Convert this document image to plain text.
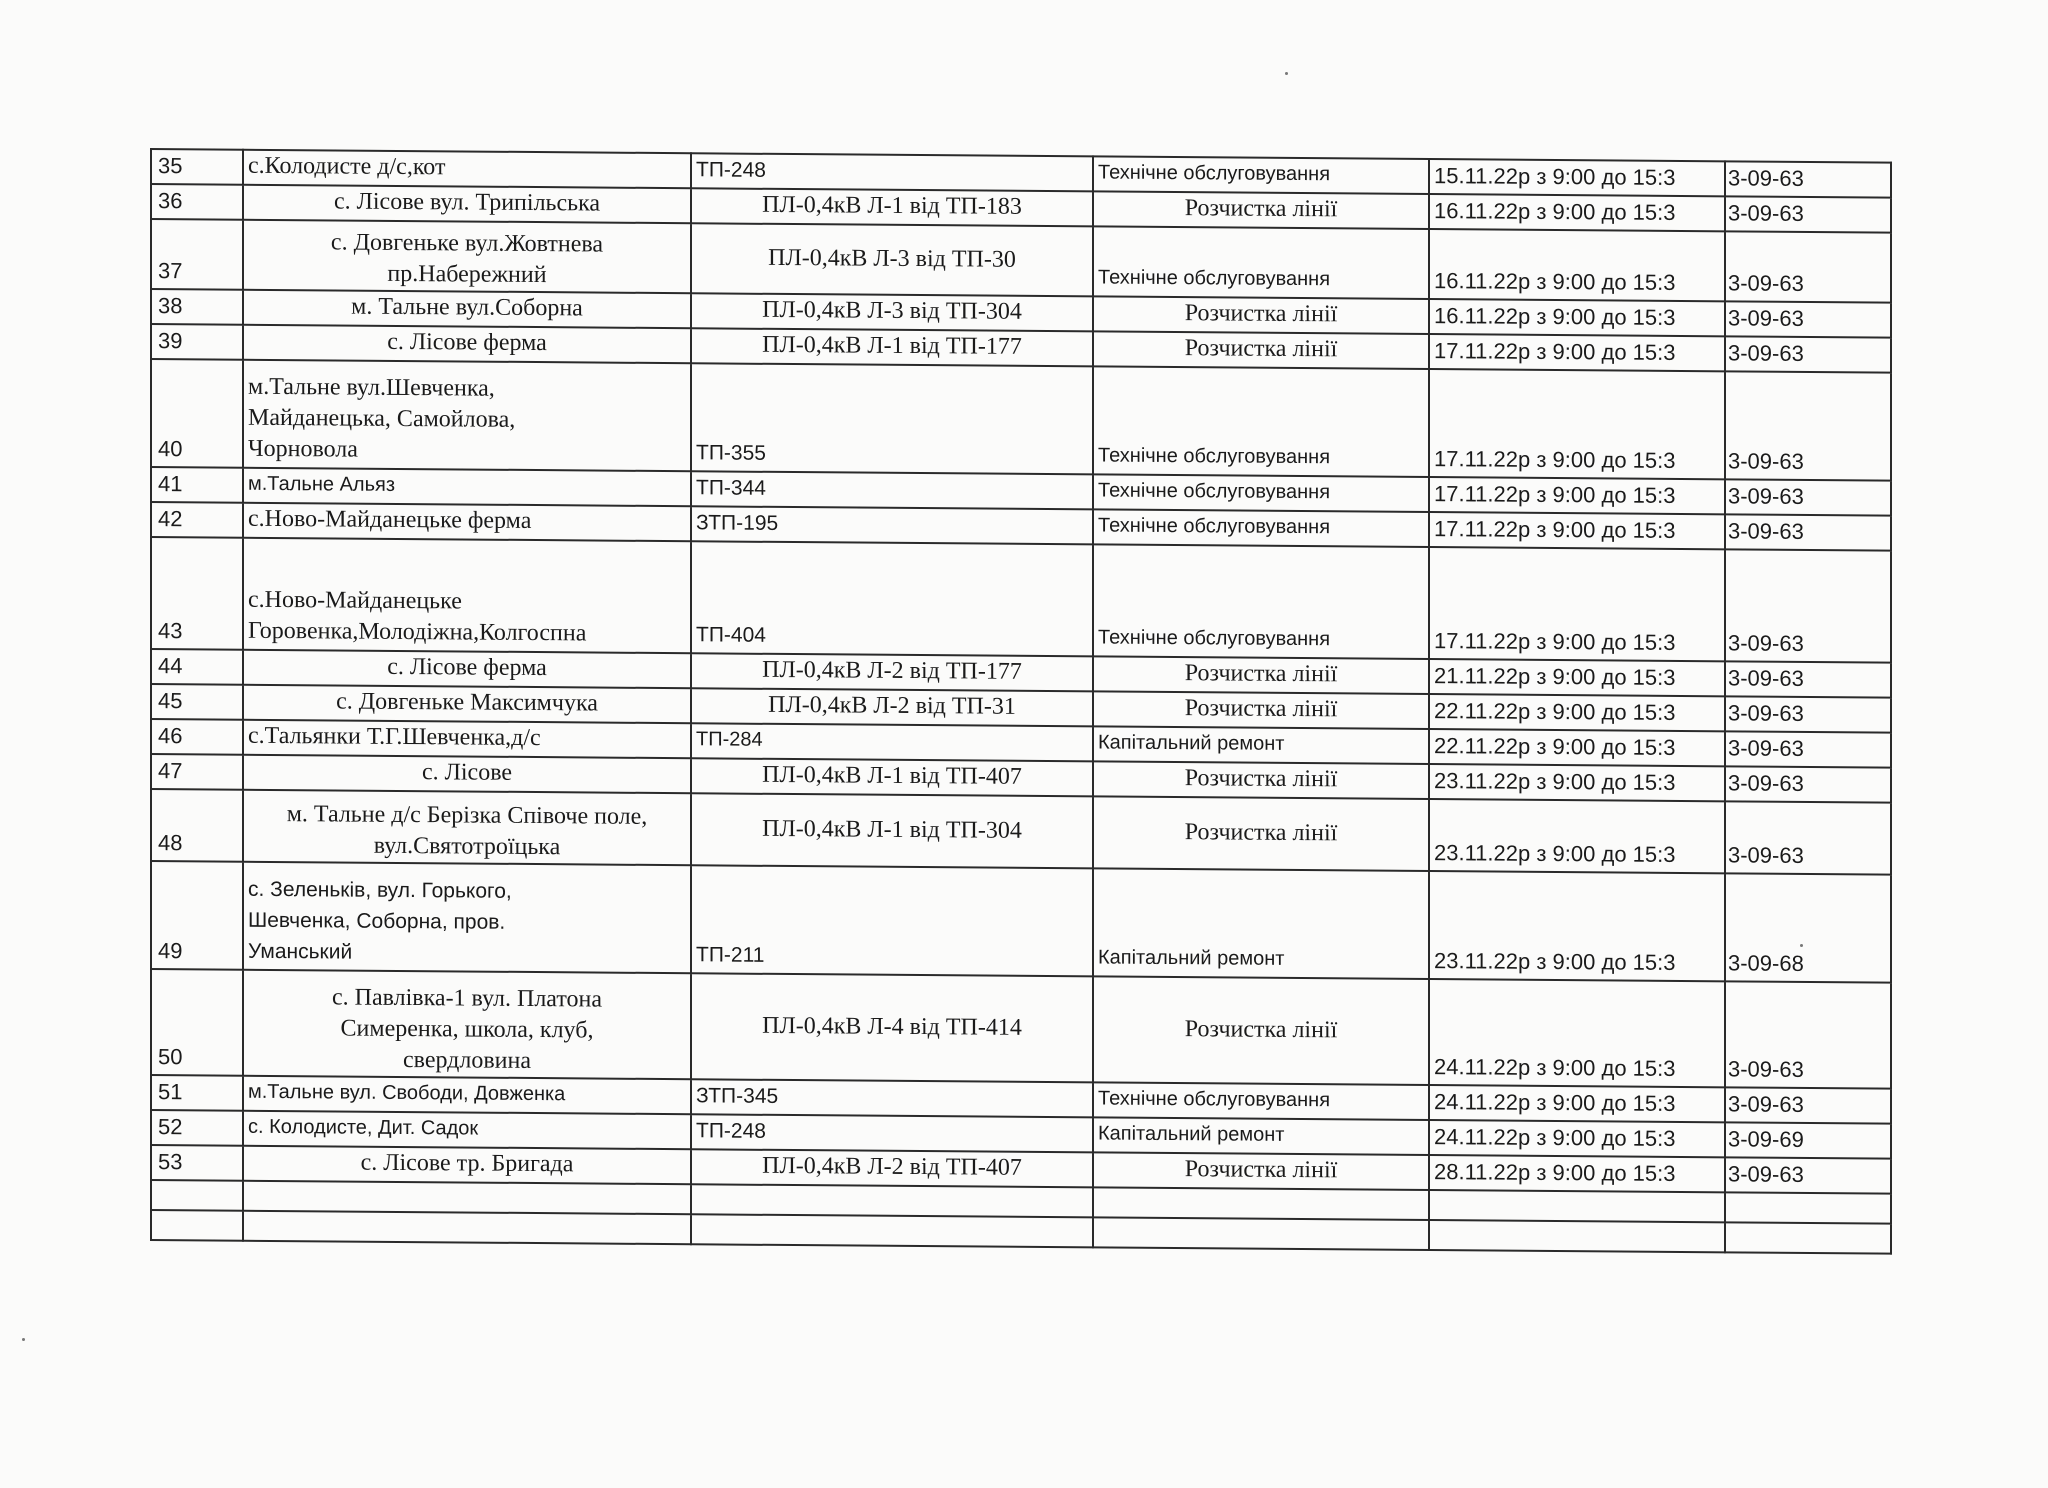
35	с.Колодисте д/с,кот	ТП-248	Технічне обслуговування	15.11.22р з 9:00 до 15:3	3-09-63
36	с. Лісове вул. Трипільська	ПЛ-0,4кВ Л-1 від ТП-183	Розчистка лінії	16.11.22р з 9:00 до 15:3	3-09-63
37	с. Довгеньке вул.Жовтнева пр.Набережний	ПЛ-0,4кВ Л-3 від ТП-30	Технічне обслуговування	16.11.22р з 9:00 до 15:3	3-09-63
38	м. Тальне вул.Соборна	ПЛ-0,4кВ Л-3 від ТП-304	Розчистка лінії	16.11.22р з 9:00 до 15:3	3-09-63
39	с. Лісове ферма	ПЛ-0,4кВ Л-1 від ТП-177	Розчистка лінії	17.11.22р з 9:00 до 15:3	3-09-63
40	м.Тальне вул.Шевченка, Майданецька, Самойлова, Чорновола	ТП-355	Технічне обслуговування	17.11.22р з 9:00 до 15:3	3-09-63
41	м.Тальне Альяз	ТП-344	Технічне обслуговування	17.11.22р з 9:00 до 15:3	3-09-63
42	с.Ново-Майданецьке ферма	ЗТП-195	Технічне обслуговування	17.11.22р з 9:00 до 15:3	3-09-63
43	с.Ново-Майданецьке Горовенка,Молодіжна,Колгоспна	ТП-404	Технічне обслуговування	17.11.22р з 9:00 до 15:3	3-09-63
44	с. Лісове ферма	ПЛ-0,4кВ Л-2 від ТП-177	Розчистка лінії	21.11.22р з 9:00 до 15:3	3-09-63
45	с. Довгеньке Максимчука	ПЛ-0,4кВ Л-2 від ТП-31	Розчистка лінії	22.11.22р з 9:00 до 15:3	3-09-63
46	с.Тальянки Т.Г.Шевченка,д/с	ТП-284	Капітальний ремонт	22.11.22р з 9:00 до 15:3	3-09-63
47	с. Лісове	ПЛ-0,4кВ Л-1 від ТП-407	Розчистка лінії	23.11.22р з 9:00 до 15:3	3-09-63
48	м. Тальне д/с Берізка Співоче поле, вул.Святотроїцька	ПЛ-0,4кВ Л-1 від ТП-304	Розчистка лінії	23.11.22р з 9:00 до 15:3	3-09-63
49	с. Зеленьків, вул. Горького, Шевченка, Соборна, пров. Уманський	ТП-211	Капітальний ремонт	23.11.22р з 9:00 до 15:3	3-09-68
50	с. Павлівка-1 вул. Платона Симеренка, школа, клуб, свердловина	ПЛ-0,4кВ Л-4 від ТП-414	Розчистка лінії	24.11.22р з 9:00 до 15:3	3-09-63
51	м.Тальне вул. Свободи, Довженка	ЗТП-345	Технічне обслуговування	24.11.22р з 9:00 до 15:3	3-09-63
52	с. Колодисте, Дит. Садок	ТП-248	Капітальний ремонт	24.11.22р з 9:00 до 15:3	3-09-69
53	с. Лісове тр. Бригада	ПЛ-0,4кВ Л-2 від ТП-407	Розчистка лінії	28.11.22р з 9:00 до 15:3	3-09-63
